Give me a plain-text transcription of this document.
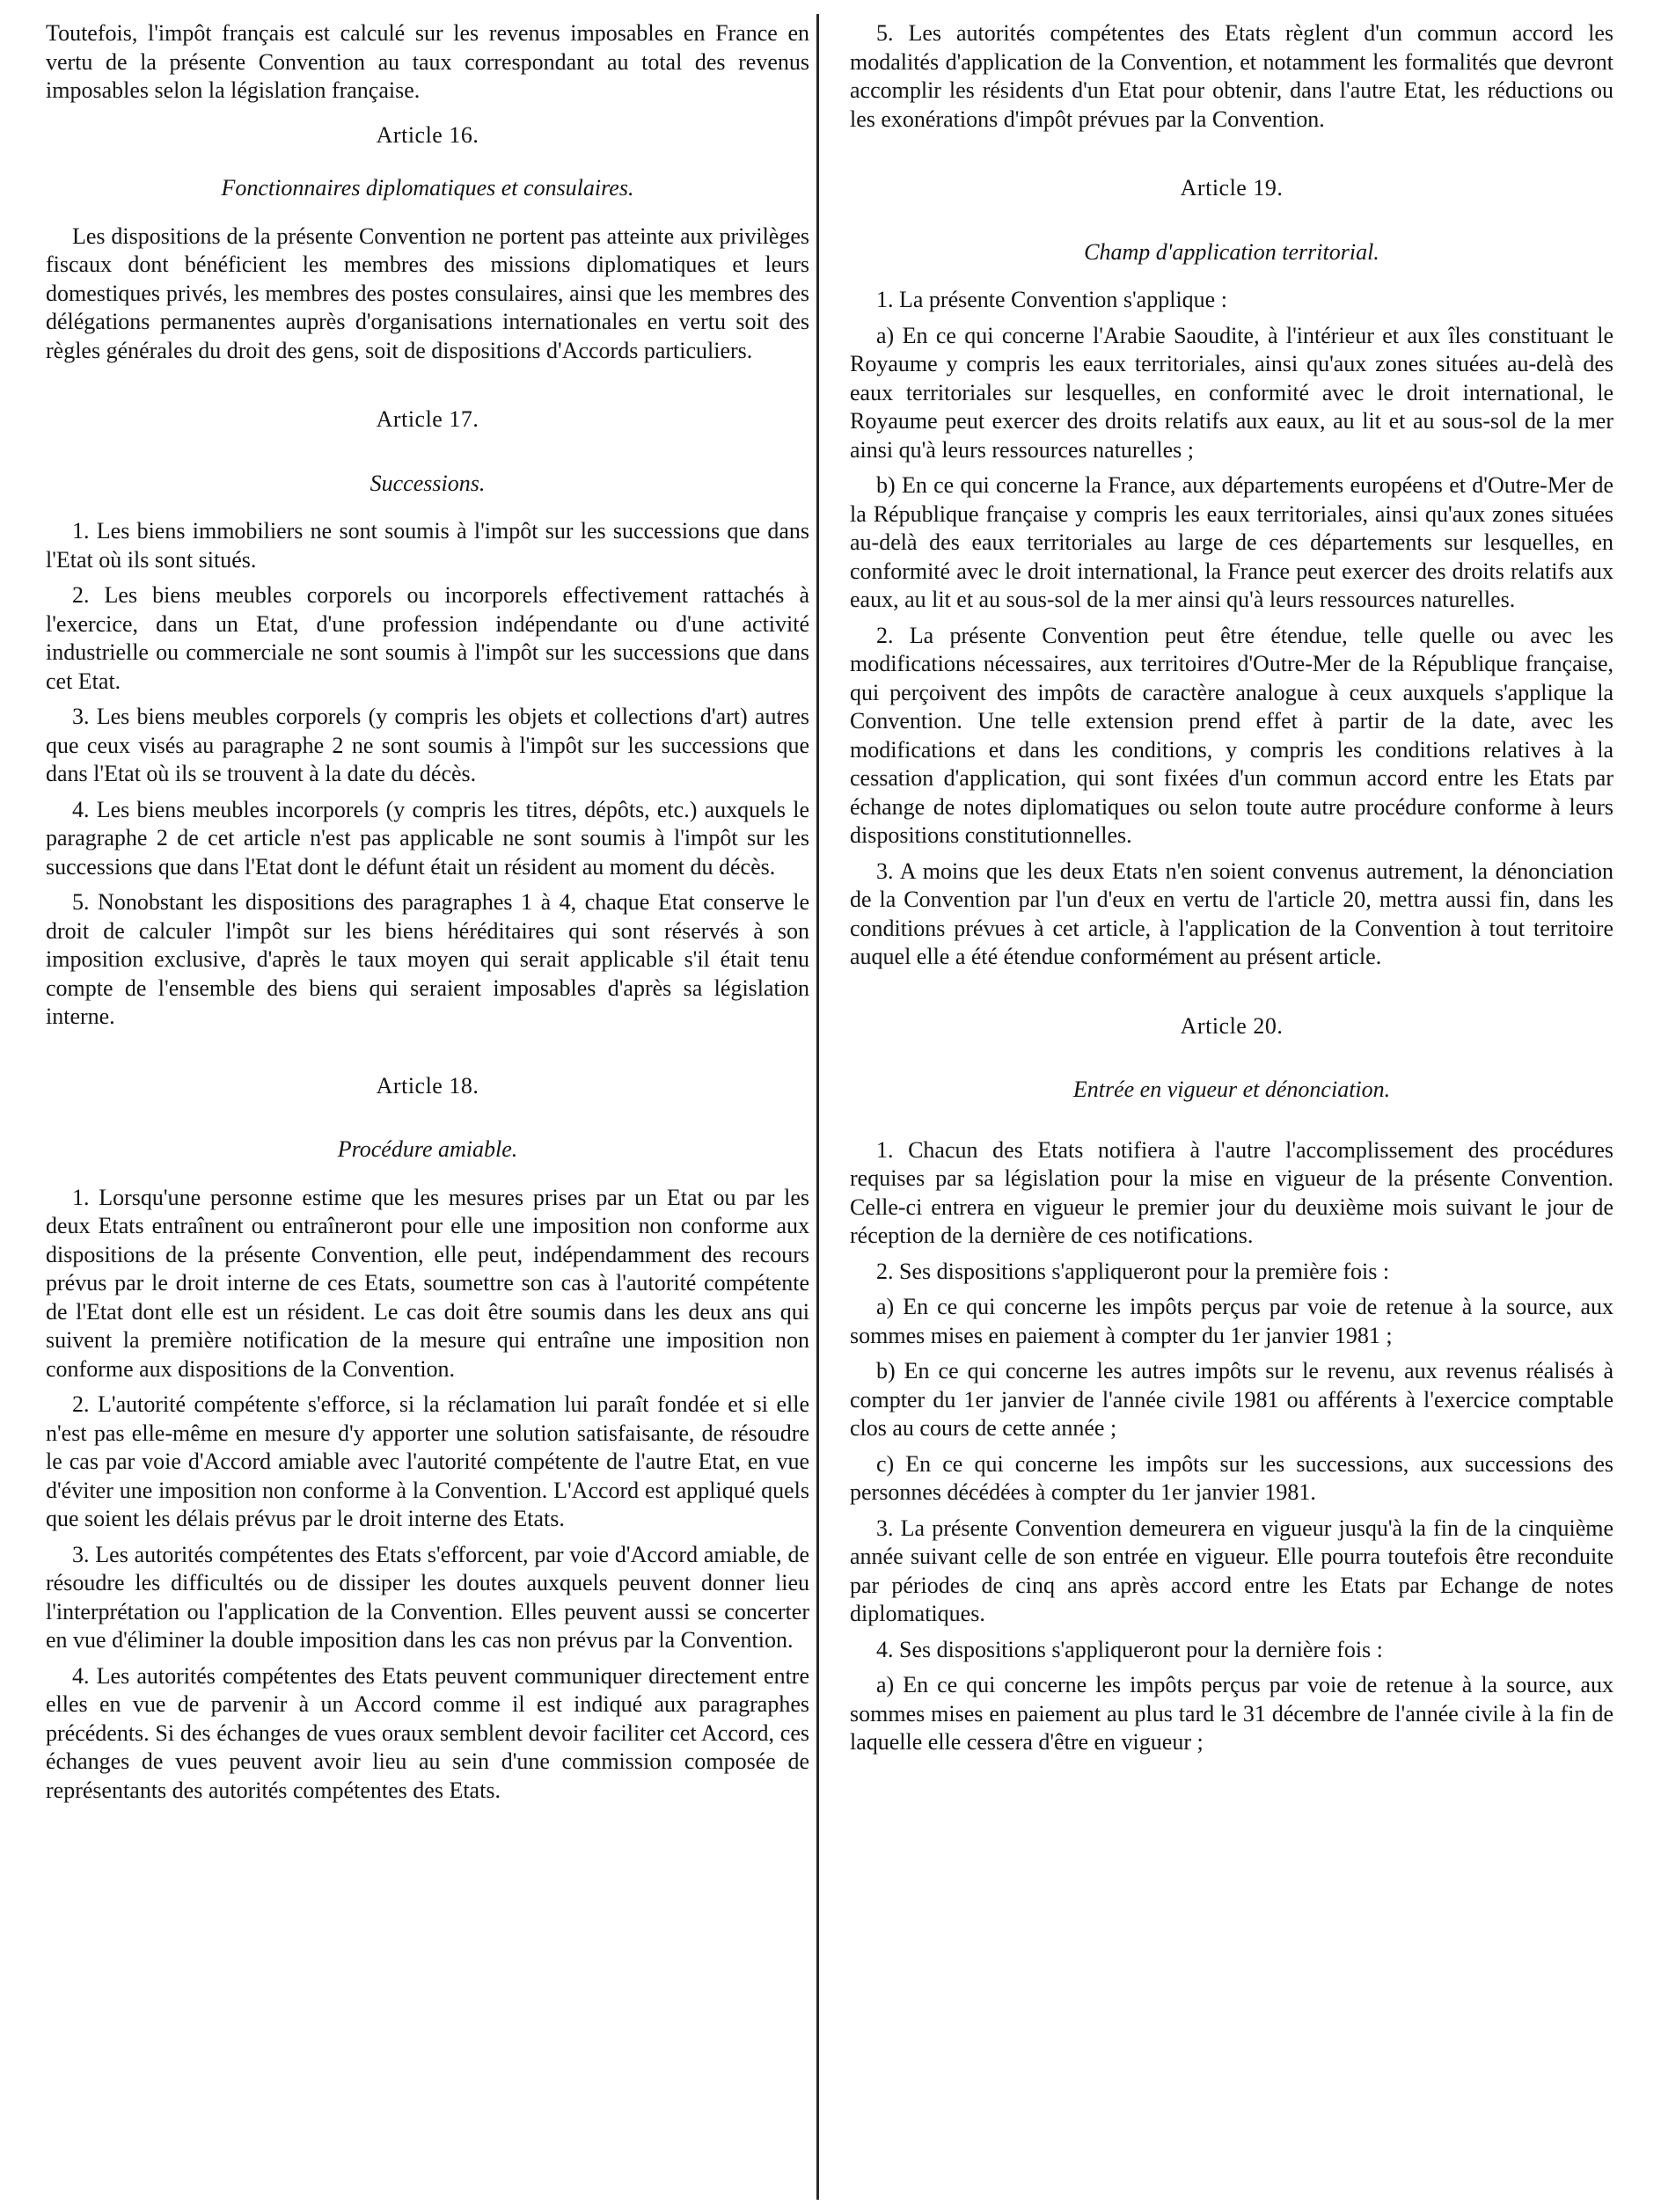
Toutefois, l'impôt français est calculé sur les revenus imposables en France en vertu de la présente Convention au taux correspondant au total des revenus imposables selon la législation française.

Article 16.
Fonctionnaires diplomatiques et consulaires.

Les dispositions de la présente Convention ne portent pas atteinte aux privilèges fiscaux dont bénéficient les membres des missions diplomatiques et leurs domestiques privés, les membres des postes consulaires, ainsi que les membres des délégations permanentes auprès d'organisations internationales en vertu soit des règles générales du droit des gens, soit de dispositions d'Accords particuliers.

Article 17.
Successions.

1. Les biens immobiliers ne sont soumis à l'impôt sur les successions que dans l'Etat où ils sont situés.

2. Les biens meubles corporels ou incorporels effectivement rattachés à l'exercice, dans un Etat, d'une profession indépendante ou d'une activité industrielle ou commerciale ne sont soumis à l'impôt sur les successions que dans cet Etat.

3. Les biens meubles corporels (y compris les objets et collections d'art) autres que ceux visés au paragraphe 2 ne sont soumis à l'impôt sur les successions que dans l'Etat où ils se trouvent à la date du décès.

4. Les biens meubles incorporels (y compris les titres, dépôts, etc.) auxquels le paragraphe 2 de cet article n'est pas applicable ne sont soumis à l'impôt sur les successions que dans l'Etat dont le défunt était un résident au moment du décès.

5. Nonobstant les dispositions des paragraphes 1 à 4, chaque Etat conserve le droit de calculer l'impôt sur les biens héréditaires qui sont réservés à son imposition exclusive, d'après le taux moyen qui serait applicable s'il était tenu compte de l'ensemble des biens qui seraient imposables d'après sa législation interne.

Article 18.
Procédure amiable.

1. Lorsqu'une personne estime que les mesures prises par un Etat ou par les deux Etats entraînent ou entraîneront pour elle une imposition non conforme aux dispositions de la présente Convention, elle peut, indépendamment des recours prévus par le droit interne de ces Etats, soumettre son cas à l'autorité compétente de l'Etat dont elle est un résident. Le cas doit être soumis dans les deux ans qui suivent la première notification de la mesure qui entraîne une imposition non conforme aux dispositions de la Convention.

2. L'autorité compétente s'efforce, si la réclamation lui paraît fondée et si elle n'est pas elle-même en mesure d'y apporter une solution satisfaisante, de résoudre le cas par voie d'Accord amiable avec l'autorité compétente de l'autre Etat, en vue d'éviter une imposition non conforme à la Convention. L'Accord est appliqué quels que soient les délais prévus par le droit interne des Etats.

3. Les autorités compétentes des Etats s'efforcent, par voie d'Accord amiable, de résoudre les difficultés ou de dissiper les doutes auxquels peuvent donner lieu l'interprétation ou l'application de la Convention. Elles peuvent aussi se concerter en vue d'éliminer la double imposition dans les cas non prévus par la Convention.

4. Les autorités compétentes des Etats peuvent communiquer directement entre elles en vue de parvenir à un Accord comme il est indiqué aux paragraphes précédents. Si des échanges de vues oraux semblent devoir faciliter cet Accord, ces échanges de vues peuvent avoir lieu au sein d'une commission composée de représentants des autorités compétentes des Etats.

5. Les autorités compétentes des Etats règlent d'un commun accord les modalités d'application de la Convention, et notamment les formalités que devront accomplir les résidents d'un Etat pour obtenir, dans l'autre Etat, les réductions ou les exonérations d'impôt prévues par la Convention.

Article 19.
Champ d'application territorial.

1. La présente Convention s'applique :

a) En ce qui concerne l'Arabie Saoudite, à l'intérieur et aux îles constituant le Royaume y compris les eaux territoriales, ainsi qu'aux zones situées au-delà des eaux territoriales sur lesquelles, en conformité avec le droit international, le Royaume peut exercer des droits relatifs aux eaux, au lit et au sous-sol de la mer ainsi qu'à leurs ressources naturelles ;

b) En ce qui concerne la France, aux départements européens et d'Outre-Mer de la République française y compris les eaux territoriales, ainsi qu'aux zones situées au-delà des eaux territoriales au large de ces départements sur lesquelles, en conformité avec le droit international, la France peut exercer des droits relatifs aux eaux, au lit et au sous-sol de la mer ainsi qu'à leurs ressources naturelles.

2. La présente Convention peut être étendue, telle quelle ou avec les modifications nécessaires, aux territoires d'Outre-Mer de la République française, qui perçoivent des impôts de caractère analogue à ceux auxquels s'applique la Convention. Une telle extension prend effet à partir de la date, avec les modifications et dans les conditions, y compris les conditions relatives à la cessation d'application, qui sont fixées d'un commun accord entre les Etats par échange de notes diplomatiques ou selon toute autre procédure conforme à leurs dispositions constitutionnelles.

3. A moins que les deux Etats n'en soient convenus autrement, la dénonciation de la Convention par l'un d'eux en vertu de l'article 20, mettra aussi fin, dans les conditions prévues à cet article, à l'application de la Convention à tout territoire auquel elle a été étendue conformément au présent article.

Article 20.
Entrée en vigueur et dénonciation.

1. Chacun des Etats notifiera à l'autre l'accomplissement des procédures requises par sa législation pour la mise en vigueur de la présente Convention. Celle-ci entrera en vigueur le premier jour du deuxième mois suivant le jour de réception de la dernière de ces notifications.

2. Ses dispositions s'appliqueront pour la première fois :

a) En ce qui concerne les impôts perçus par voie de retenue à la source, aux sommes mises en paiement à compter du 1er janvier 1981 ;

b) En ce qui concerne les autres impôts sur le revenu, aux revenus réalisés à compter du 1er janvier de l'année civile 1981 ou afférents à l'exercice comptable clos au cours de cette année ;

c) En ce qui concerne les impôts sur les successions, aux successions des personnes décédées à compter du 1er janvier 1981.

3. La présente Convention demeurera en vigueur jusqu'à la fin de la cinquième année suivant celle de son entrée en vigueur. Elle pourra toutefois être reconduite par périodes de cinq ans après accord entre les Etats par Echange de notes diplomatiques.

4. Ses dispositions s'appliqueront pour la dernière fois :

a) En ce qui concerne les impôts perçus par voie de retenue à la source, aux sommes mises en paiement au plus tard le 31 décembre de l'année civile à la fin de laquelle elle cessera d'être en vigueur ;
